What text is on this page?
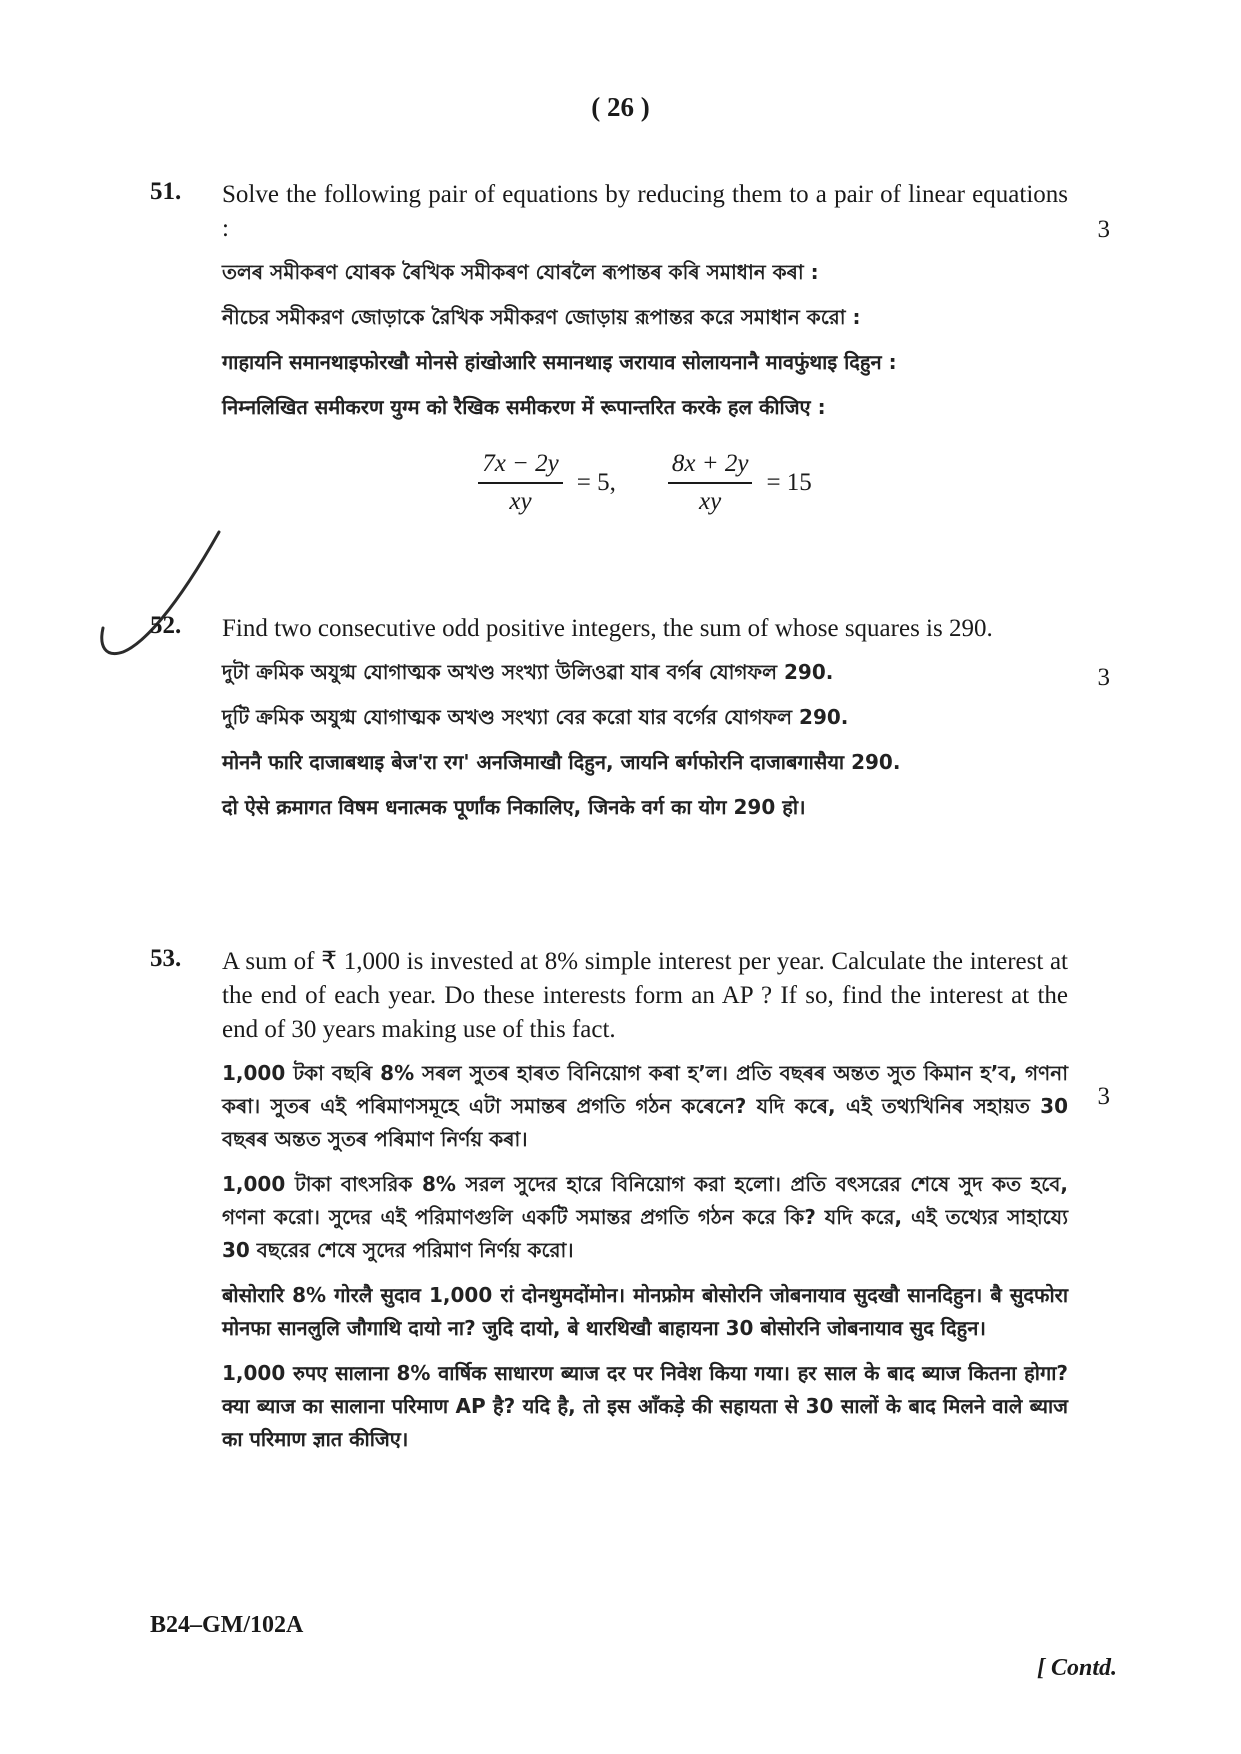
( 26 )
51. Solve the following pair of equations by reducing them to a pair of linear equations :

তলৰ সমীকৰণ যোৰক ৰৈখিক সমীকৰণ যোৰলৈ ৰূপান্তৰ কৰি সমাধান কৰা :

নীচের সমীকরণ জোড়াকে রৈখিক সমীকরণ জোড়ায় রূপান্তর করে সমাধান করো :

गाहायनि समानथाइफोरखौ मोनसे हांखोआरि समानथाइ जरायाव सोलायनानै मावफुंथाइ दिहुन :

निम्नलिखित समीकरण युग्म को रैखिक समीकरण में रूपान्तरित करके हल कीजिए :

$\frac{7x - 2y}{xy} = 5$, $\frac{8x + 2y}{xy} = 15$
3
52. Find two consecutive odd positive integers, the sum of whose squares is 290.

দুটা ক্ৰমিক অযুগ্ম যোগাত্মক অখণ্ড সংখ্যা উলিওৱা যাৰ বৰ্গৰ যোগফল 290.

দুটি ক্রমিক অযুগ্ম যোগাত্মক অখণ্ড সংখ্যা বের করো যার বর্গের যোগফল 290.

मोननै फारि दाजाबथाइ बेज'रा रग' अनजिमाखौ दिहुन, जायनि बर्गफोरनि दाजाबगासैया 290.

दो ऐसे क्रमागत विषम धनात्मक पूर्णांक निकालिए, जिनके वर्ग का योग 290 हो।

3
53. A sum of ₹ 1,000 is invested at 8% simple interest per year. Calculate the interest at the end of each year. Do these interests form an AP ? If so, find the interest at the end of 30 years making use of this fact.

1,000 টকা বছৰি 8% সৰল সুতৰ হাৰত বিনিয়োগ কৰা হ’ল। প্ৰতি বছৰৰ অন্তত সুত কিমান হ’ব, গণনা কৰা। সুতৰ এই পৰিমাণসমূহে এটা সমান্তৰ প্ৰগতি গঠন কৰেনে? যদি কৰে, এই তথ্যখিনিৰ সহায়ত 30 বছৰৰ অন্তত সুতৰ পৰিমাণ নিৰ্ণয় কৰা।

1,000 টাকা বাৎসরিক 8% সরল সুদের হারে বিনিয়োগ করা হলো। প্রতি বৎসরের শেষে সুদ কত হবে, গণনা করো। সুদের এই পরিমাণগুলি একটি সমান্তর প্রগতি গঠন করে কি? যদি করে, এই তথ্যের সাহায্যে 30 বছরের শেষে সুদের পরিমাণ নির্ণয় করো।

बोसोरारि 8% गोरलै सुदाव 1,000 रां दोनथुमदोंमोन। मोनफ्रोम बोसोरनि जोबनायाव सुदखौ सानदिहुन। बै सुदफोरा मोनफा सानलुलि जौगाथि दायो ना? जुदि दायो, बे थारथिखौ बाहायना 30 बोसोरनि जोबनायाव सुद दिहुन।

1,000 रुपए सालाना 8% वार्षिक साधारण ब्याज दर पर निवेश किया गया। हर साल के बाद ब्याज कितना होगा? क्या ब्याज का सालाना परिमाण AP है? यदि है, तो इस आँकड़े की सहायता से 30 सालों के बाद मिलने वाले ब्याज का परिमाण ज्ञात कीजिए।

3
B24–GM/102A
[ Contd.
